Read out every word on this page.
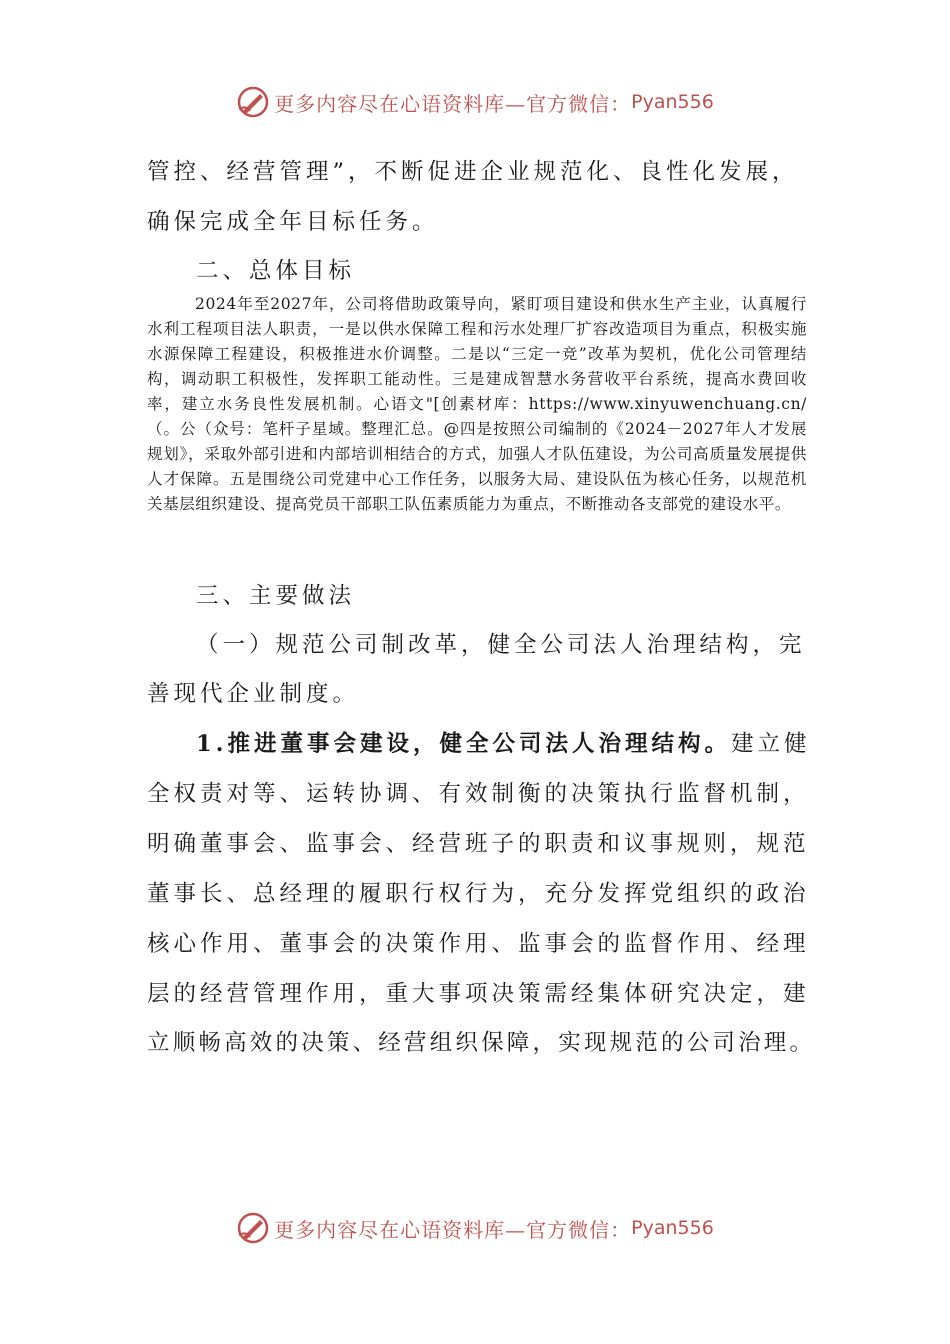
更多内容尽在心语资料库—官方微信： Pyan556
管控、经营管理”，不断促进企业规范化、良性化发展，
确保完成全年目标任务。
二、总体目标

2024年至2027年，公司将借助政策导向，紧盯项目建设和供水生产主业，认真履行水利工程项目法人职责，一是以供水保障工程和污水处理厂扩容改造项目为重点，积极实施水源保障工程建设，积极推进水价调整。二是以“三定一竞”改革为契机，优化公司管理结构，调动职工积极性，发挥职工能动性。三是建成智慧水务营收平台系统，提高水费回收率，建立水务良性发展机制。心语文"[创素材库：https://www.xinyuwenchuang.cn/（。公（众号：笔杆子星域。整理汇总。@四是按照公司编制的《2024－2027年人才发展规划》，采取外部引进和内部培训相结合的方式，加强人才队伍建设，为公司高质量发展提供人才保障。五是围绕公司党建中心工作任务，以服务大局、建设队伍为核心任务，以规范机关基层组织建设、提高党员干部职工队伍素质能力为重点，不断推动各支部党的建设水平。

三、主要做法
（一）规范公司制改革，健全公司法人治理结构，完
善现代企业制度。
1.推进董事会建设，健全公司法人治理结构。建立健
全权责对等、运转协调、有效制衡的决策执行监督机制，
明确董事会、监事会、经营班子的职责和议事规则，规范
董事长、总经理的履职行权行为，充分发挥党组织的政治
核心作用、董事会的决策作用、监事会的监督作用、经理
层的经营管理作用，重大事项决策需经集体研究决定，建
立顺畅高效的决策、经营组织保障，实现规范的公司治理。
更多内容尽在心语资料库—官方微信： Pyan556
